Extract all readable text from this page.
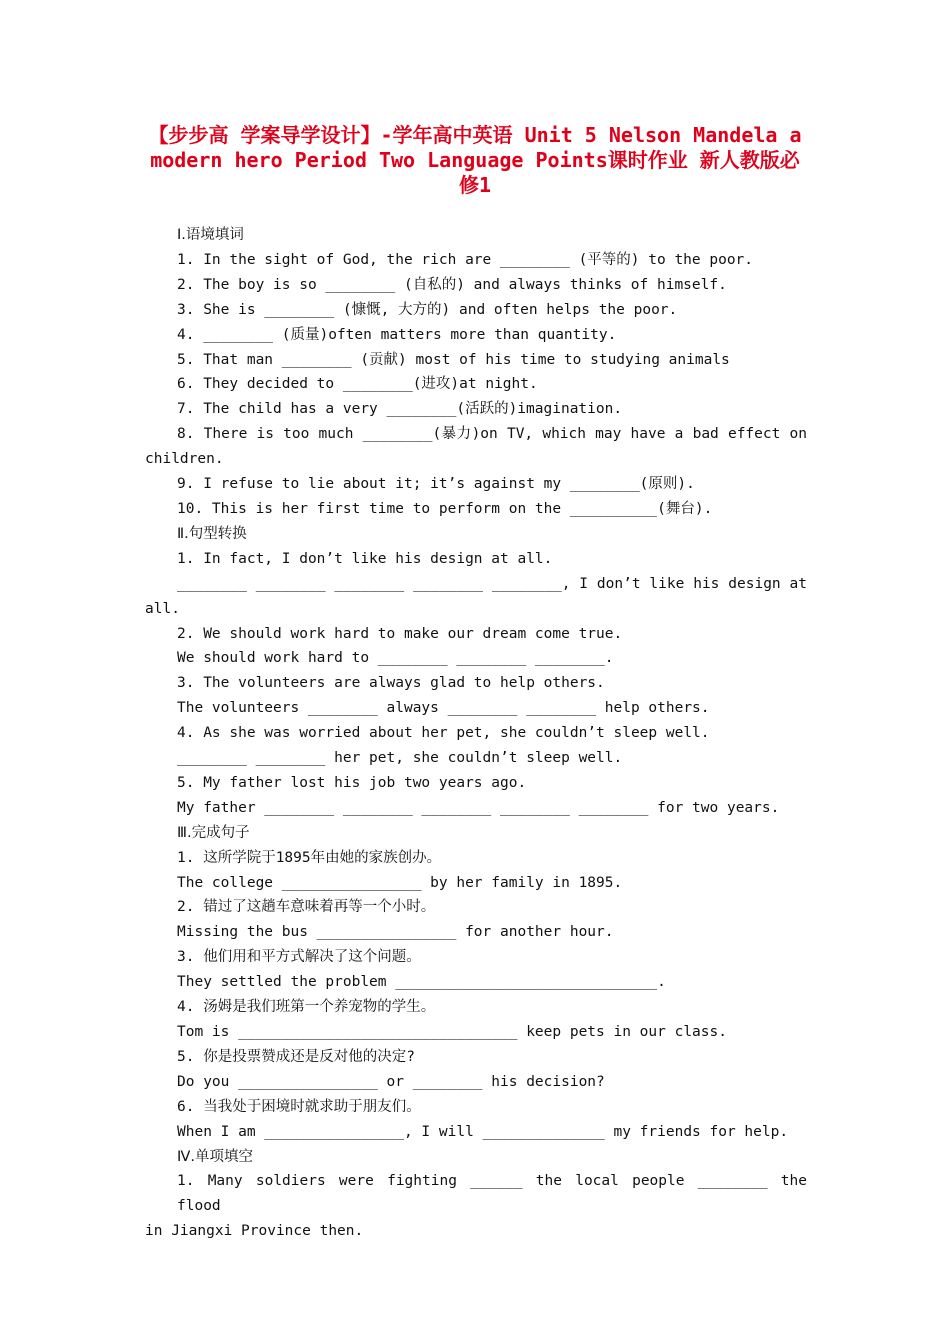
【步步高 学案导学设计】-学年高中英语 Unit 5 Nelson Mandela a modern hero Period Two Language Points课时作业 新人教版必修1
Ⅰ.语境填词
1. In the sight of God, the rich are ________ (平等的) to the poor.
2. The boy is so ________ (自私的) and always thinks of himself.
3. She is ________ (慷慨, 大方的) and often helps the poor.
4. ________ (质量)often matters more than quantity.
5. That man ________ (贡献) most of his time to studying animals
6. They decided to ________(进攻)at night.
7. The child has a very ________(活跃的)imagination.
8. There is too much ________(暴力)on TV, which may have a bad effect on
children.
9. I refuse to lie about it; it’s against my ________(原则).
10. This is her first time to perform on the __________(舞台).
Ⅱ.句型转换
1. In fact, I don’t like his design at all.
________ ________ ________ ________ ________, I don’t like his design at
all.
2. We should work hard to make our dream come true.
We should work hard to ________ ________ ________.
3. The volunteers are always glad to help others.
The volunteers ________ always ________ ________ help others.
4. As she was worried about her pet, she couldn’t sleep well.
________ ________ her pet, she couldn’t sleep well.
5. My father lost his job two years ago.
My father ________ ________ ________ ________ ________ for two years.
Ⅲ.完成句子
1. 这所学院于1895年由她的家族创办。
The college ________________ by her family in 1895.
2. 错过了这趟车意味着再等一个小时。
Missing the bus ________________ for another hour.
3. 他们用和平方式解决了这个问题。
They settled the problem ______________________________.
4. 汤姆是我们班第一个养宠物的学生。
Tom is ________________________________ keep pets in our class.
5. 你是投票赞成还是反对他的决定?
Do you ________________ or ________ his decision?
6. 当我处于困境时就求助于朋友们。
When I am ________________, I will ______________ my friends for help.
Ⅳ.单项填空
1. Many soldiers were fighting ______ the local people ________ the flood
in Jiangxi Province then.
